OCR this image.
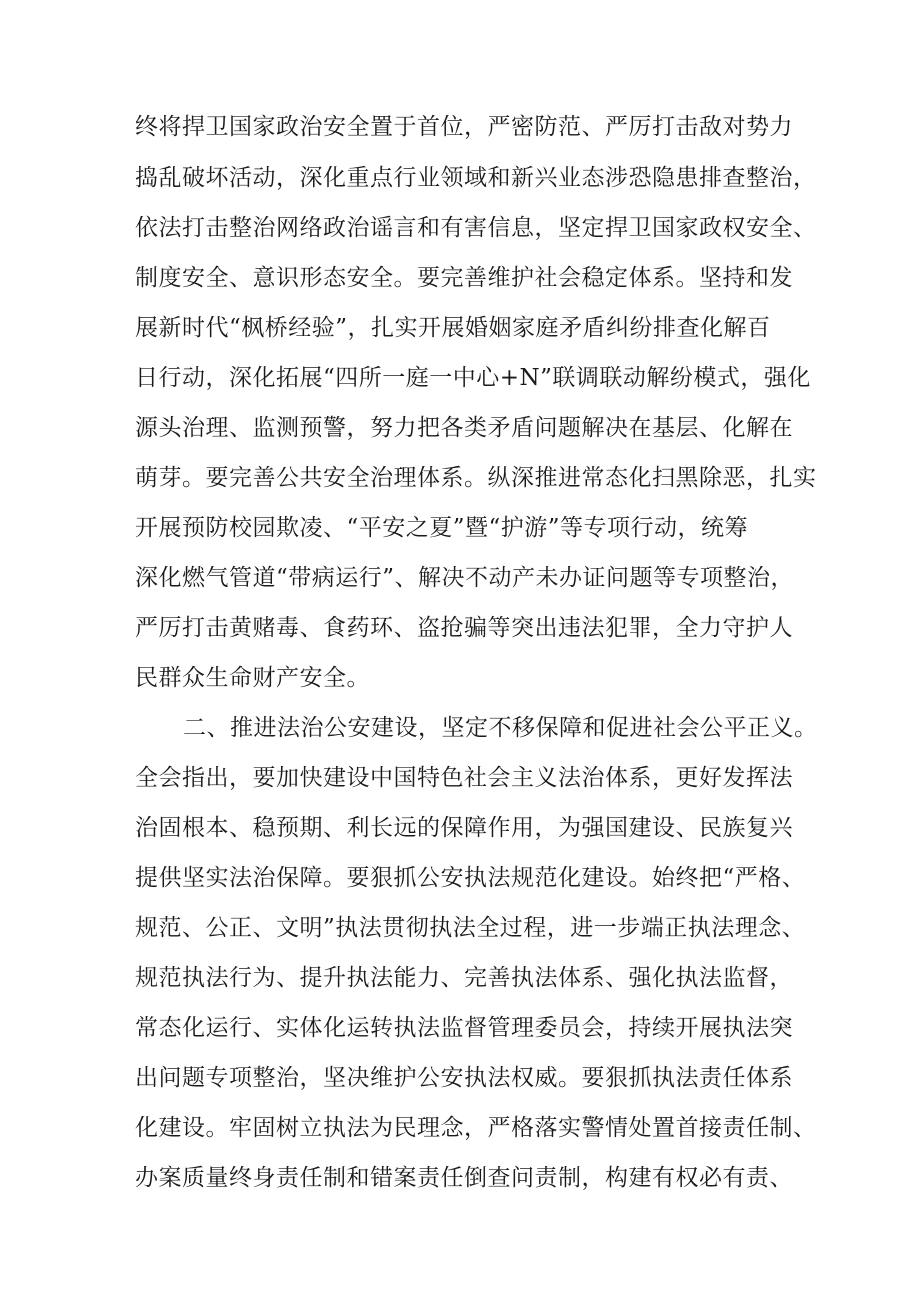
终将捍卫国家政治安全置于首位，严密防范、严厉打击敌对势力
捣乱破坏活动，深化重点行业领域和新兴业态涉恐隐患排查整治，
依法打击整治网络政治谣言和有害信息，坚定捍卫国家政权安全、
制度安全、意识形态安全。要完善维护社会稳定体系。坚持和发
展新时代“枫桥经验”，扎实开展婚姻家庭矛盾纠纷排查化解百
日行动，深化拓展“四所一庭一中心+N”联调联动解纷模式，强化
源头治理、监测预警，努力把各类矛盾问题解决在基层、化解在
萌芽。要完善公共安全治理体系。纵深推进常态化扫黑除恶，扎实
开展预防校园欺凌、“平安之夏”暨“护游”等专项行动，统筹
深化燃气管道“带病运行”、解决不动产未办证问题等专项整治，
严厉打击黄赌毒、食药环、盗抢骗等突出违法犯罪，全力守护人
民群众生命财产安全。
二、推进法治公安建设，坚定不移保障和促进社会公平正义。
全会指出，要加快建设中国特色社会主义法治体系，更好发挥法
治固根本、稳预期、利长远的保障作用，为强国建设、民族复兴
提供坚实法治保障。要狠抓公安执法规范化建设。始终把“严格、
规范、公正、文明”执法贯彻执法全过程，进一步端正执法理念、
规范执法行为、提升执法能力、完善执法体系、强化执法监督，
常态化运行、实体化运转执法监督管理委员会，持续开展执法突
出问题专项整治，坚决维护公安执法权威。要狠抓执法责任体系
化建设。牢固树立执法为民理念，严格落实警情处置首接责任制、
办案质量终身责任制和错案责任倒查问责制，构建有权必有责、
